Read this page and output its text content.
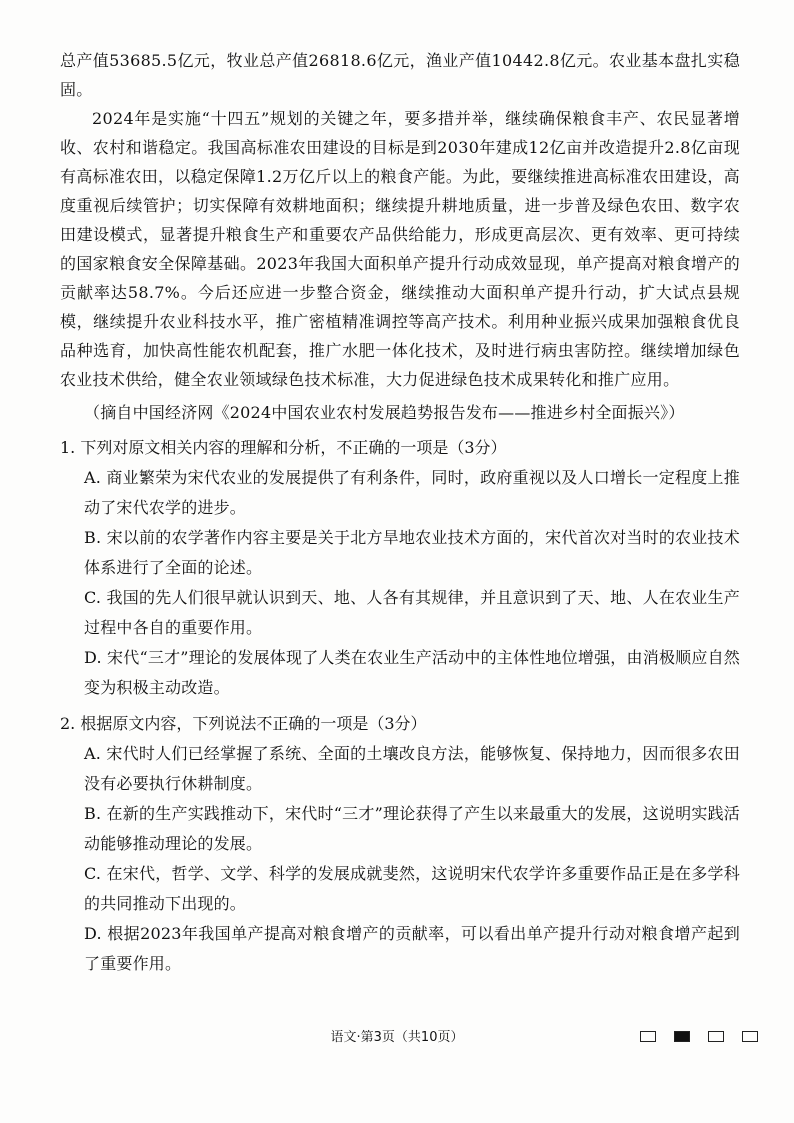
总产值53685.5亿元，牧业总产值26818.6亿元，渔业产值10442.8亿元。农业基本盘扎实稳固。

2024年是实施“十四五”规划的关键之年，要多措并举，继续确保粮食丰产、农民显著增收、农村和谐稳定。我国高标准农田建设的目标是到2030年建成12亿亩并改造提升2.8亿亩现有高标准农田，以稳定保障1.2万亿斤以上的粮食产能。为此，要继续推进高标准农田建设，高度重视后续管护；切实保障有效耕地面积；继续提升耕地质量，进一步普及绿色农田、数字农田建设模式，显著提升粮食生产和重要农产品供给能力，形成更高层次、更有效率、更可持续的国家粮食安全保障基础。2023年我国大面积单产提升行动成效显现，单产提高对粮食增产的贡献率达58.7%。今后还应进一步整合资金，继续推动大面积单产提升行动，扩大试点县规模，继续提升农业科技水平，推广密植精准调控等高产技术。利用种业振兴成果加强粮食优良品种选育，加快高性能农机配套，推广水肥一体化技术，及时进行病虫害防控。继续增加绿色农业技术供给，健全农业领域绿色技术标准，大力促进绿色技术成果转化和推广应用。

（摘自中国经济网《2024中国农业农村发展趋势报告发布——推进乡村全面振兴》）

1. 下列对原文相关内容的理解和分析，不正确的一项是（3分）

A. 商业繁荣为宋代农业的发展提供了有利条件，同时，政府重视以及人口增长一定程度上推动了宋代农学的进步。

B. 宋以前的农学著作内容主要是关于北方旱地农业技术方面的，宋代首次对当时的农业技术体系进行了全面的论述。

C. 我国的先人们很早就认识到天、地、人各有其规律，并且意识到了天、地、人在农业生产过程中各自的重要作用。

D. 宋代“三才”理论的发展体现了人类在农业生产活动中的主体性地位增强，由消极顺应自然变为积极主动改造。

2. 根据原文内容，下列说法不正确的一项是（3分）

A. 宋代时人们已经掌握了系统、全面的土壤改良方法，能够恢复、保持地力，因而很多农田没有必要执行休耕制度。

B. 在新的生产实践推动下，宋代时“三才”理论获得了产生以来最重大的发展，这说明实践活动能够推动理论的发展。

C. 在宋代，哲学、文学、科学的发展成就斐然，这说明宋代农学许多重要作品正是在多学科的共同推动下出现的。

D. 根据2023年我国单产提高对粮食增产的贡献率，可以看出单产提升行动对粮食增产起到了重要作用。

语文·第3页（共10页）
